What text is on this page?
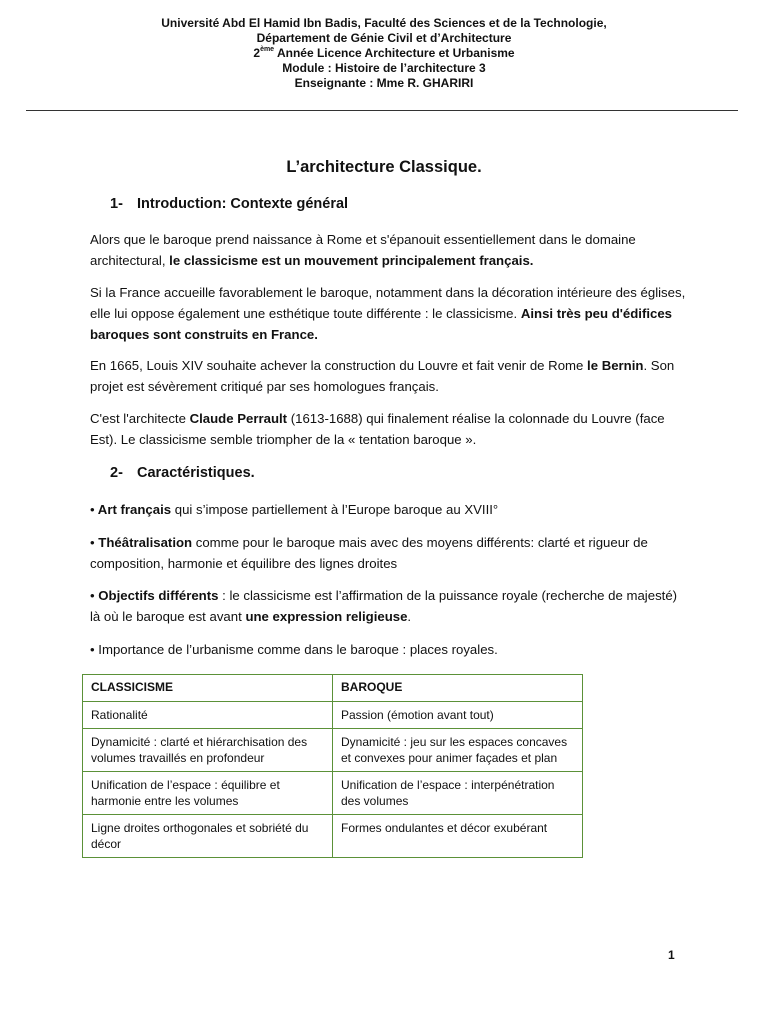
Université Abd El Hamid Ibn Badis, Faculté des Sciences et de la Technologie,
Département de Génie Civil et d’Architecture
2ème Année Licence Architecture et Urbanisme
Module : Histoire de l’architecture 3
Enseignante : Mme R. GHARIRI
L’architecture Classique.
1- Introduction: Contexte général
Alors que le baroque prend naissance à Rome et s'épanouit essentiellement dans le domaine architectural, le classicisme est un mouvement principalement français.
Si la France accueille favorablement le baroque, notamment dans la décoration intérieure des églises, elle lui oppose également une esthétique toute différente : le classicisme. Ainsi très peu d'édifices baroques sont construits en France.
En 1665, Louis XIV souhaite achever la construction du Louvre et fait venir de Rome le Bernin. Son projet est sévèrement critiqué par ses homologues français.
C'est l'architecte Claude Perrault (1613-1688) qui finalement réalise la colonnade du Louvre (face Est). Le classicisme semble triompher de la « tentation baroque ».
2- Caractéristiques.
• Art français qui s’impose partiellement à l’Europe baroque au XVIII°
• Théâtralisation comme pour le baroque mais avec des moyens différents: clarté et rigueur de composition, harmonie et équilibre des lignes droites
• Objectifs différents : le classicisme est l’affirmation de la puissance royale (recherche de majesté) là où le baroque est avant une expression religieuse.
• Importance de l’urbanisme comme dans le baroque : places royales.
CLASSICISME	BAROQUE
Rationalité	Passion (émotion avant tout)
Dynamicité : clarté et hiérarchisation des volumes travaillés en profondeur	Dynamicité : jeu sur les espaces concaves et convexes pour animer façades et plan
Unification de l’espace : équilibre et harmonie entre les volumes	Unification de l’espace : interpénétration des volumes
Ligne droites orthogonales et sobriété du décor	Formes ondulantes et décor exubérant
1
